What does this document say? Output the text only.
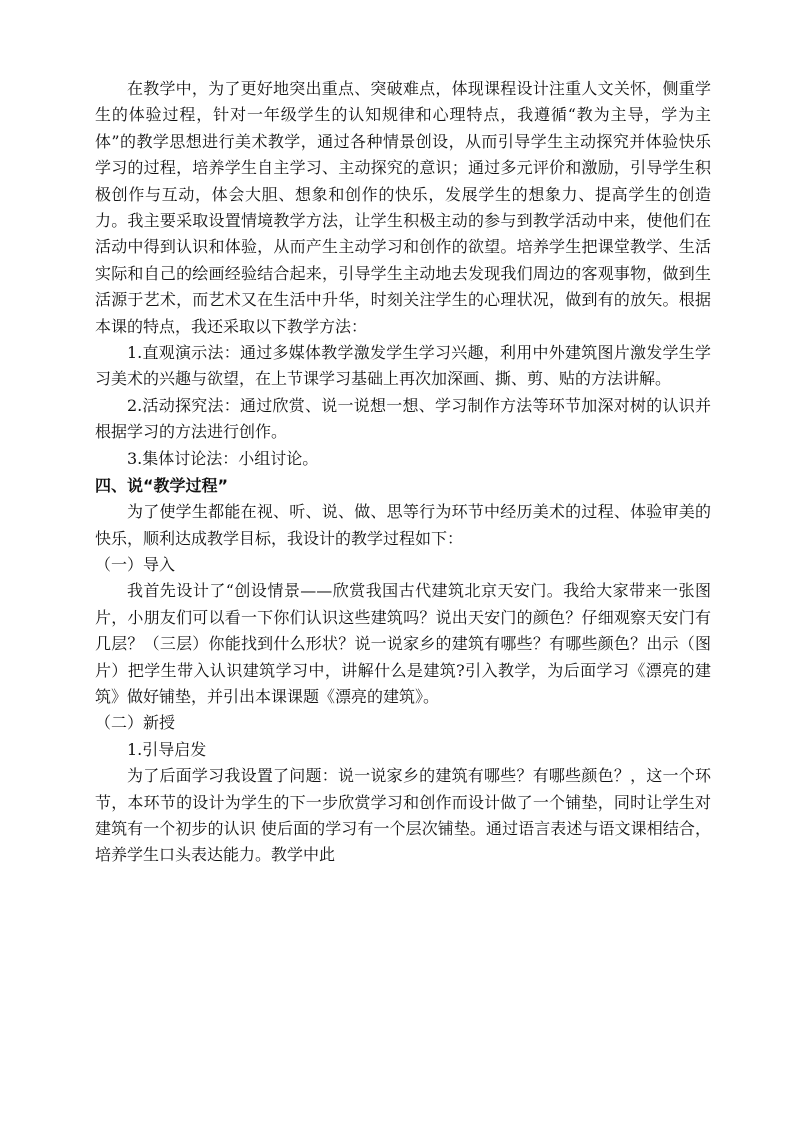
在教学中，为了更好地突出重点、突破难点，体现课程设计注重人文关怀，侧重学生的体验过程，针对一年级学生的认知规律和心理特点，我遵循“教为主导，学为主体”的教学思想进行美术教学，通过各种情景创设，从而引导学生主动探究并体验快乐学习的过程，培养学生自主学习、主动探究的意识；通过多元评价和激励，引导学生积极创作与互动，体会大胆、想象和创作的快乐，发展学生的想象力、提高学生的创造力。我主要采取设置情境教学方法，让学生积极主动的参与到教学活动中来，使他们在活动中得到认识和体验，从而产生主动学习和创作的欲望。培养学生把课堂教学、生活实际和自己的绘画经验结合起来，引导学生主动地去发现我们周边的客观事物，做到生活源于艺术，而艺术又在生活中升华，时刻关注学生的心理状况，做到有的放矢。根据本课的特点，我还采取以下教学方法：

1.直观演示法：通过多媒体教学激发学生学习兴趣，利用中外建筑图片激发学生学习美术的兴趣与欲望，在上节课学习基础上再次加深画、撕、剪、贴的方法讲解。

2.活动探究法：通过欣赏、说一说想一想、学习制作方法等环节加深对树的认识并根据学习的方法进行创作。

3.集体讨论法：小组讨论。

四、说“教学过程”

为了使学生都能在视、听、说、做、思等行为环节中经历美术的过程、体验审美的快乐，顺利达成教学目标，我设计的教学过程如下：

（一）导入

我首先设计了“创设情景——欣赏我国古代建筑北京天安门。我给大家带来一张图片，小朋友们可以看一下你们认识这些建筑吗？说出天安门的颜色？仔细观察天安门有几层？（三层）你能找到什么形状？说一说家乡的建筑有哪些？有哪些颜色？出示（图片）把学生带入认识建筑学习中，讲解什么是建筑?引入教学，为后面学习《漂亮的建筑》做好铺垫，并引出本课课题《漂亮的建筑》。

（二）新授

1.引导启发

为了后面学习我设置了问题：说一说家乡的建筑有哪些？有哪些颜色？，这一个环节，本环节的设计为学生的下一步欣赏学习和创作而设计做了一个铺垫，同时让学生对建筑有一个初步的认识 使后面的学习有一个层次铺垫。通过语言表述与语文课相结合，培养学生口头表达能力。教学中此
